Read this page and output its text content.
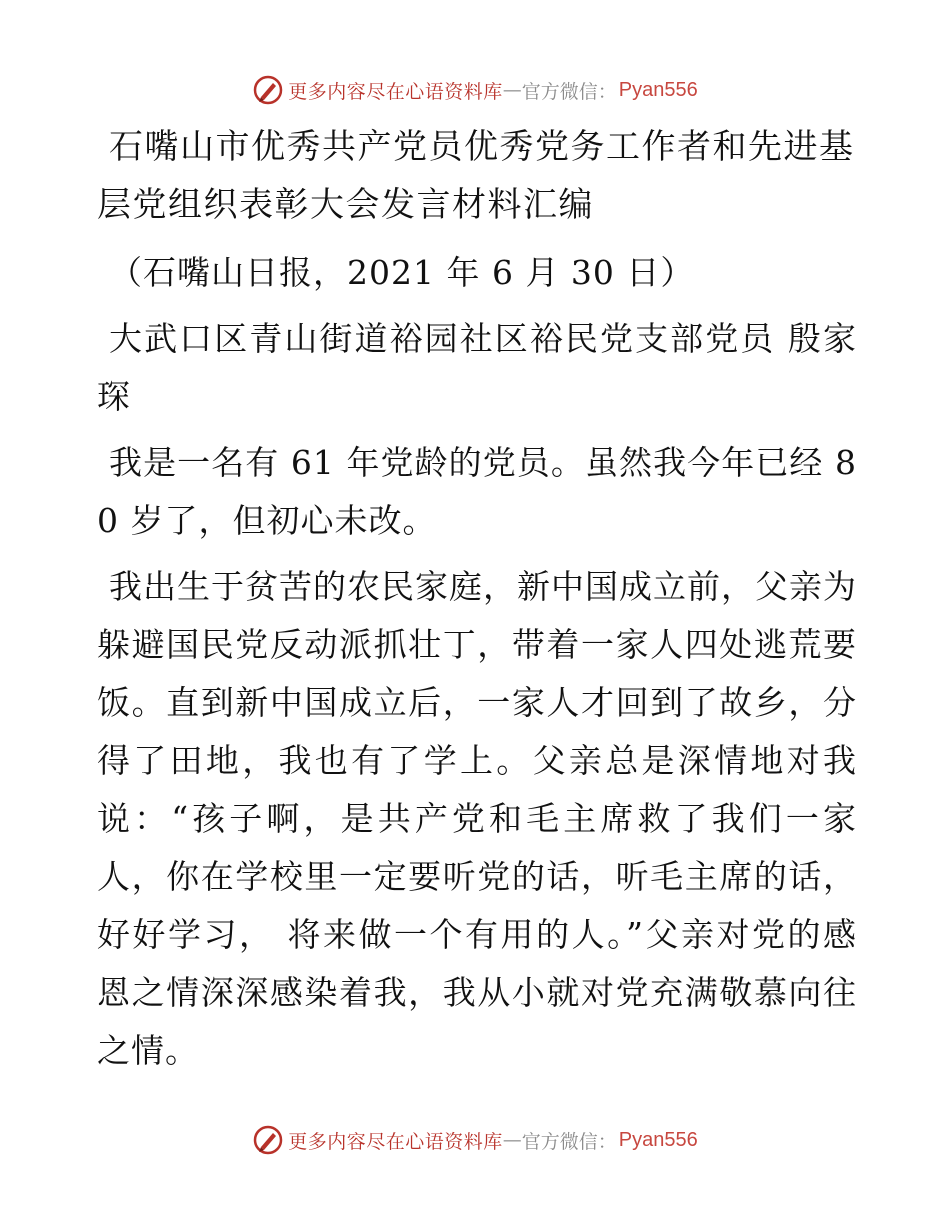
更多内容尽在心语资料库 — 官方微信： Pyan556
石嘴山市优秀共产党员优秀党务工作者和先进基层党组织表彰大会发言材料汇编
（石嘴山日报，2021 年 6 月 30 日）
大武口区青山街道裕园社区裕民党支部党员 殷家琛
我是一名有 61 年党龄的党员。虽然我今年已经 80 岁了，但初心未改。
我出生于贫苦的农民家庭，新中国成立前，父亲为躲避国民党反动派抓壮丁，带着一家人四处逃荒要饭。直到新中国成立后，一家人才回到了故乡，分得了田地，我也有了学上。父亲总是深情地对我说：“孩子啊，是共产党和毛主席救了我们一家人，你在学校里一定要听党的话，听毛主席的话，好好学习， 将来做一个有用的人。”父亲对党的感恩之情深深感染着我，我从小就对党充满敬慕向往之情。
更多内容尽在心语资料库 — 官方微信： Pyan556
